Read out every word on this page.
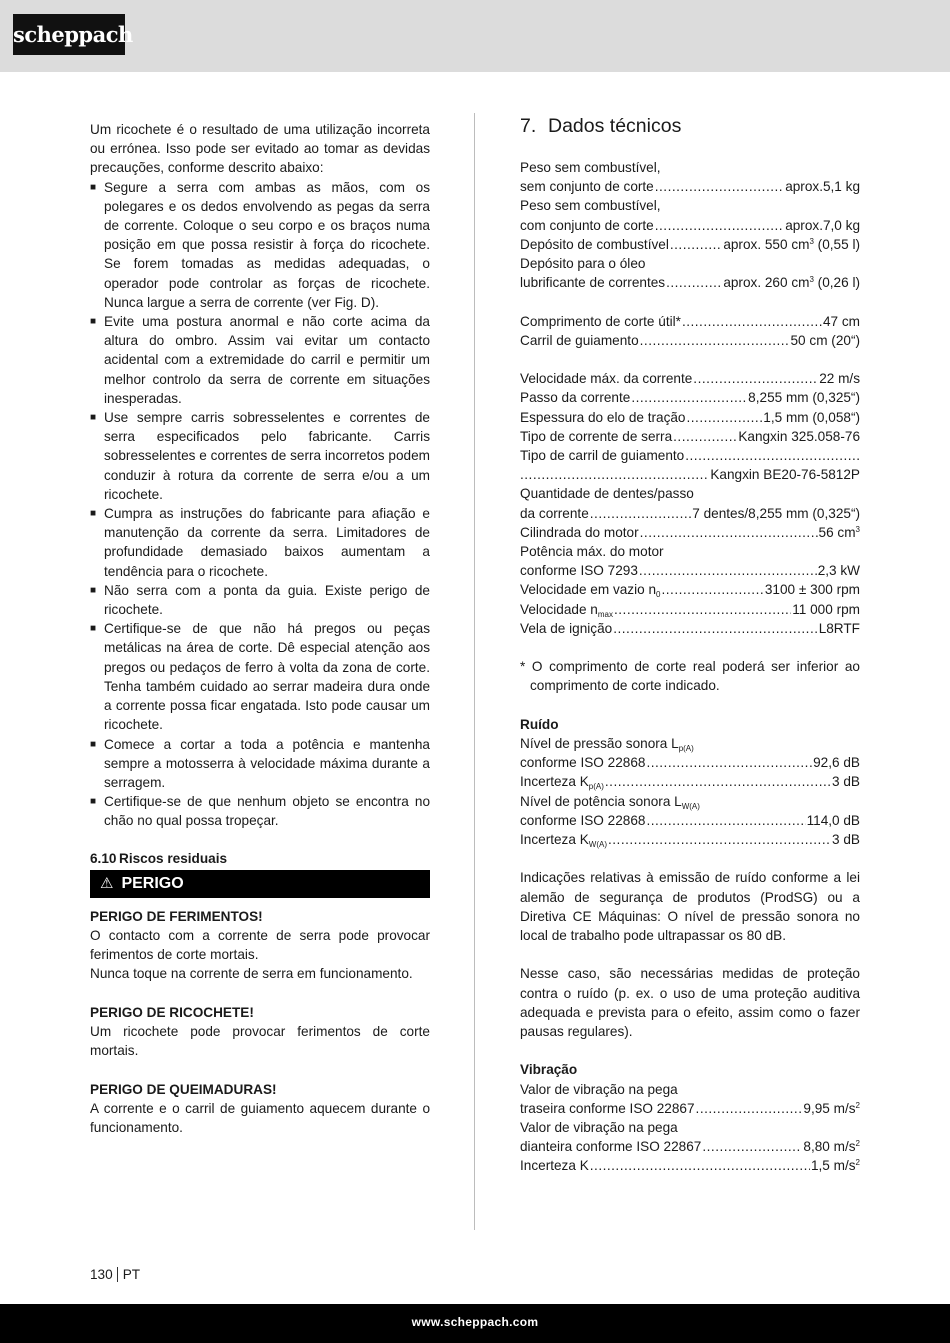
scheppach

Um ricochete é o resultado de uma utilização incorreta ou errónea. Isso pode ser evitado ao tomar as devidas precauções, conforme descrito abaixo:

■ Segure a serra com ambas as mãos, com os polegares e os dedos envolvendo as pegas da serra de corrente. Coloque o seu corpo e os braços numa posição em que possa resistir à força do ricochete. Se forem tomadas as medidas adequadas, o operador pode controlar as forças de ricochete. Nunca largue a serra de corrente (ver Fig. D).
■ Evite uma postura anormal e não corte acima da altura do ombro. Assim vai evitar um contacto acidental com a extremidade do carril e permitir um melhor controlo da serra de corrente em situações inesperadas.
■ Use sempre carris sobresselentes e correntes de serra especificados pelo fabricante. Carris sobresselentes e correntes de serra incorretos podem conduzir à rotura da corrente de serra e/ou a um ricochete.
■ Cumpra as instruções do fabricante para afiação e manutenção da corrente da serra. Limitadores de profundidade demasiado baixos aumentam a tendência para o ricochete.
■ Não serra com a ponta da guia. Existe perigo de ricochete.
■ Certifique-se de que não há pregos ou peças metálicas na área de corte. Dê especial atenção aos pregos ou pedaços de ferro à volta da zona de corte. Tenha também cuidado ao serrar madeira dura onde a corrente possa ficar engatada. Isto pode causar um ricochete.
■ Comece a cortar a toda a potência e mantenha sempre a motosserra à velocidade máxima durante a serragem.
■ Certifique-se de que nenhum objeto se encontra no chão no qual possa tropeçar.
6.10 Riscos residuais
⚠ PERIGO

PERIGO DE FERIMENTOS!

O contacto com a corrente de serra pode provocar ferimentos de corte mortais.

Nunca toque na corrente de serra em funcionamento.

PERIGO DE RICOCHETE!

Um ricochete pode provocar ferimentos de corte mortais.

PERIGO DE QUEIMADURAS!

A corrente e o carril de guiamento aquecem durante o funcionamento.

7. Dados técnicos

Peso sem combustível,

sem conjunto de corte .....	aprox.5,1 kg

Peso sem combustível,

com conjunto de corte .....	aprox.7,0 kg
Depósito de combustível .....	aprox. 550 $cm^3$ (0,55 l)

Depósito para o óleo

lubrificante de correntes .....	aprox. 260 $cm^3$ (0,26 l)
Comprimento de corte útil* .....	47 cm
Carril de guiamento .....	50 cm (20“)
Velocidade máx. da corrente .....	22 m/s
Passo da corrente .....	8,255 mm (0,325“)
Espessura do elo de tração .....	1,5 mm (0,058“)
Tipo de corrente de serra .....	Kangxin 325.058-76
Tipo de carril de guiamento
.....
.....
Kangxin BE20-76-5812P

Quantidade de dentes/passo

da corrente .....	7 dentes/8,255 mm (0,325“)
Cilindrada do motor .....	56 $cm^3$

Potência máx. do motor

conforme ISO 7293 .....	2,3 kW
Velocidade em vazio $n_0$ .....	3100 ± 300 rpm
Velocidade $n_{max}$ .....	11 000 rpm
Vela de ignição .....	L8RTF

* O comprimento de corte real poderá ser inferior ao comprimento de corte indicado.

Ruído

Nível de pressão sonora $L_{p(A)}$

conforme ISO 22868 .....	92,6 dB
Incerteza $K_{p(A)}$ .....	3 dB

Nível de potência sonora $L_{W(A)}$

conforme ISO 22868 .....	114,0 dB
Incerteza $K_{W(A)}$ .....	3 dB

Indicações relativas à emissão de ruído conforme a lei alemão de segurança de produtos (ProdSG) ou a Diretiva CE Máquinas: O nível de pressão sonora no local de trabalho pode ultrapassar os 80 dB.

Nesse caso, são necessárias medidas de proteção contra o ruído (p. ex. o uso de uma proteção auditiva adequada e prevista para o efeito, assim como o fazer pausas regulares).

Vibração

Valor de vibração na pega

traseira conforme ISO 22867 .....	9,95 $m/s^2$

Valor de vibração na pega

dianteira conforme ISO 22867 .....	8,80 $m/s^2$
Incerteza K .....	1,5 $m/s^2$
130 PT
www.scheppach.com
